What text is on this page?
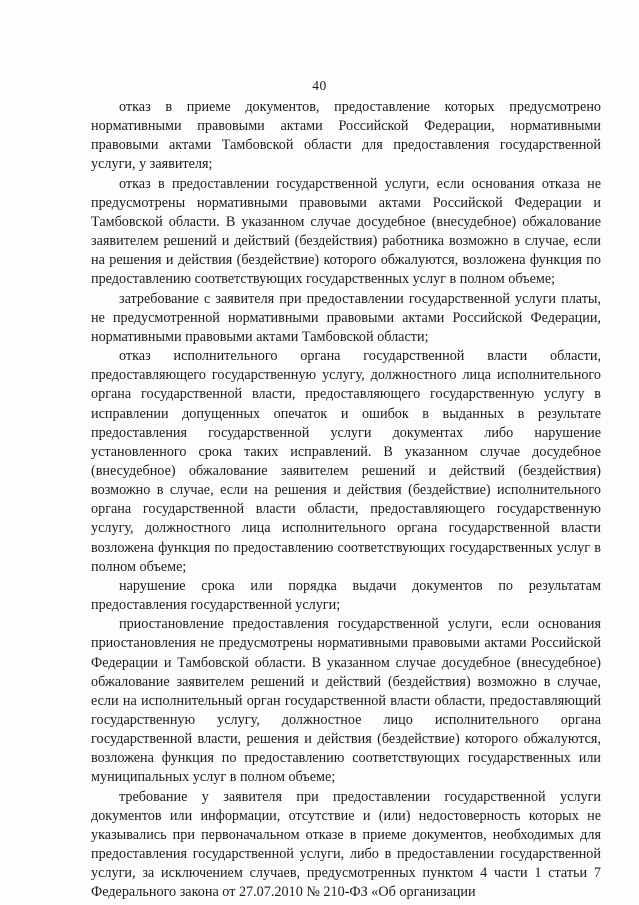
40

отказ в приеме документов, предоставление которых предусмотрено нормативными правовыми актами Российской Федерации, нормативными правовыми актами Тамбовской области для предоставления государственной услуги, у заявителя;

отказ в предоставлении государственной услуги, если основания отказа не предусмотрены нормативными правовыми актами Российской Федерации и Тамбовской области. В указанном случае досудебное (внесудебное) обжалование заявителем решений и действий (бездействия) работника возможно в случае, если на решения и действия (бездействие) которого обжалуются, возложена функция по предоставлению соответствующих государственных услуг в полном объеме;

затребование с заявителя при предоставлении государственной услуги платы, не предусмотренной нормативными правовыми актами Российской Федерации, нормативными правовыми актами Тамбовской области;

отказ исполнительного органа государственной власти области, предоставляющего государственную услугу, должностного лица исполнительного органа государственной власти, предоставляющего государственную услугу в исправлении допущенных опечаток и ошибок в выданных в результате предоставления государственной услуги документах либо нарушение установленного срока таких исправлений. В указанном случае досудебное (внесудебное) обжалование заявителем решений и действий (бездействия) возможно в случае, если на решения и действия (бездействие) исполнительного органа государственной власти области, предоставляющего государственную услугу, должностного лица исполнительного органа государственной власти возложена функция по предоставлению соответствующих государственных услуг в полном объеме;

нарушение срока или порядка выдачи документов по результатам предоставления государственной услуги;

приостановление предоставления государственной услуги, если основания приостановления не предусмотрены нормативными правовыми актами Российской Федерации и Тамбовской области. В указанном случае досудебное (внесудебное) обжалование заявителем решений и действий (бездействия) возможно в случае, если на исполнительный орган государственной власти области, предоставляющий государственную услугу, должностное лицо исполнительного органа государственной власти, решения и действия (бездействие) которого обжалуются, возложена функция по предоставлению соответствующих государственных или муниципальных услуг в полном объеме;

требование у заявителя при предоставлении государственной услуги документов или информации, отсутствие и (или) недостоверность которых не указывались при первоначальном отказе в приеме документов, необходимых для предоставления государственной услуги, либо в предоставлении государственной услуги, за исключением случаев, предусмотренных пунктом 4 части 1 статьи 7 Федерального закона от 27.07.2010 № 210-ФЗ «Об организации
